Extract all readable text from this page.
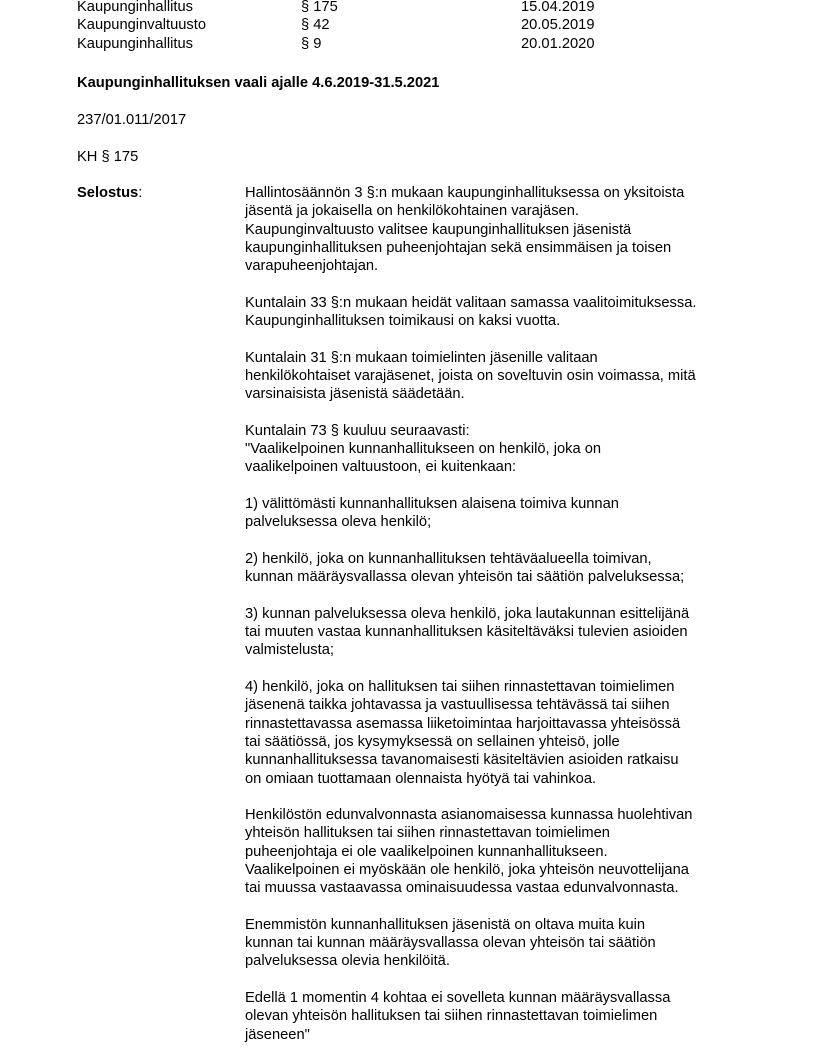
Kaupunginhallitus	§ 175	15.04.2019
Kaupunginvaltuusto	§ 42	20.05.2019
Kaupunginhallitus	§ 9	20.01.2020
Kaupunginhallituksen vaali ajalle 4.6.2019-31.5.2021
237/01.011/2017
KH § 175
Selostus:	Hallintosäännön 3 §:n mukaan kaupunginhallituksessa on yksitoista
jäsentä ja jokaisella on henkilökohtainen varajäsen.
Kaupunginvaltuusto valitsee kaupunginhallituksen jäsenistä
kaupunginhallituksen puheenjohtajan sekä ensimmäisen ja toisen
varapuheenjohtajan.

Kuntalain 33 §:n mukaan heidät valitaan samassa vaalitoimituksessa.
Kaupunginhallituksen toimikausi on kaksi vuotta.

Kuntalain 31 §:n mukaan toimielinten jäsenille valitaan
henkilökohtaiset varajäsenet, joista on soveltuvin osin voimassa, mitä
varsinaisista jäsenistä säädetään.

Kuntalain 73 § kuuluu seuraavasti:
"Vaalikelpoinen kunnanhallitukseen on henkilö, joka on
vaalikelpoinen valtuustoon, ei kuitenkaan:

1) välittömästi kunnanhallituksen alaisena toimiva kunnan
palveluksessa oleva henkilö;

2) henkilö, joka on kunnanhallituksen tehtäväalueella toimivan,
kunnan määräysvallassa olevan yhteisön tai säätiön palveluksessa;

3) kunnan palveluksessa oleva henkilö, joka lautakunnan esittelijänä
tai muuten vastaa kunnanhallituksen käsiteltäväksi tulevien asioiden
valmistelusta;

4) henkilö, joka on hallituksen tai siihen rinnastettavan toimielimen
jäsenenä taikka johtavassa ja vastuullisessa tehtävässä tai siihen
rinnastettavassa asemassa liiketoimintaa harjoittavassa yhteisössä
tai säätiössä, jos kysymyksessä on sellainen yhteisö, jolle
kunnanhallituksessa tavanomaisesti käsiteltävien asioiden ratkaisu
on omiaan tuottamaan olennaista hyötyä tai vahinkoa.

Henkilöstön edunvalvonnasta asianomaisessa kunnassa huolehtivan
yhteisön hallituksen tai siihen rinnastettavan toimielimen
puheenjohtaja ei ole vaalikelpoinen kunnanhallitukseen.
Vaalikelpoinen ei myöskään ole henkilö, joka yhteisön neuvottelijana
tai muussa vastaavassa ominaisuudessa vastaa edunvalvonnasta.

Enemmistön kunnanhallituksen jäsenistä on oltava muita kuin
kunnan tai kunnan määräysvallassa olevan yhteisön tai säätiön
palveluksessa olevia henkilöitä.

Edellä 1 momentin 4 kohtaa ei sovelleta kunnan määräysvallassa
olevan yhteisön hallituksen tai siihen rinnastettavan toimielimen
jäseneen"
